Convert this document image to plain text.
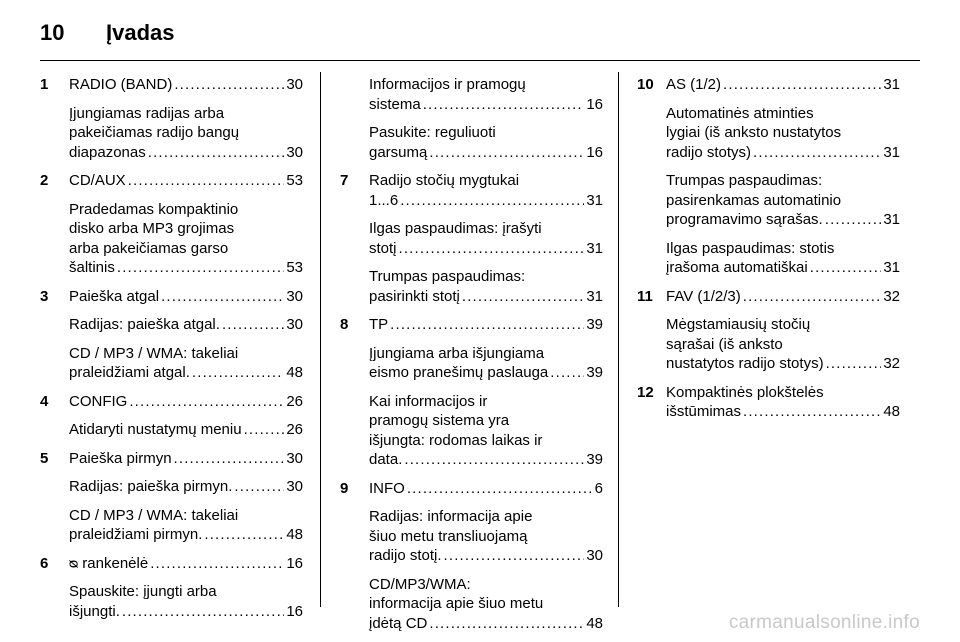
10 Įvadas
1 RADIO (BAND) . . .	30
Įjungiamas radijas arba
pakeičiamas radijo bangų
diapazonas . . .	30
2 CD/AUX . . .	53
Pradedamas kompaktinio
disko arba MP3 grojimas
arba pakeičiamas garso
šaltinis . . .	53
3 Paieška atgal . . .	30
Radijas: paieška atgal. . . .	30
CD / MP3 / WMA: takeliai
praleidžiami atgal. . . .	48
4 CONFIG . . .	26
Atidaryti nustatymų meniu . . .	26
5 Paieška pirmyn . . .	30
Radijas: paieška pirmyn. . . .	30
CD / MP3 / WMA: takeliai
praleidžiami pirmyn. . . .	48
6 ᴓ rankenėlė . . .	16
Spauskite: įjungti arba
išjungti. . . .	16
Informacijos ir pramogų
sistema . . .	16
Pasukite: reguliuoti
garsumą . . .	16
7 Radijo stočių mygtukai
1...6 . . .	31
Ilgas paspaudimas: įrašyti
stotį . . .	31
Trumpas paspaudimas:
pasirinkti stotį . . .	31
8 TP . . .	39
Įjungiama arba išjungiama
eismo pranešimų paslauga . . .	39
Kai informacijos ir
pramogų sistema yra
išjungta: rodomas laikas ir
data. . . .	39
9 INFO . . .	6
Radijas: informacija apie
šiuo metu transliuojamą
radijo stotį. . . .	30
CD/MP3/WMA:
informacija apie šiuo metu
įdėtą CD . . .	48
10 AS (1/2) . . .	31
Automatinės atminties
lygiai (iš anksto nustatytos
radijo stotys) . . .	31
Trumpas paspaudimas:
pasirenkamas automatinio
programavimo sąrašas. . . .	31
Ilgas paspaudimas: stotis
įrašoma automatiškai . . .	31
11 FAV (1/2/3) . . .	32
Mėgstamiausių stočių
sąrašai (iš anksto
nustatytos radijo stotys) . . .	32
12 Kompaktinės plokštelės
išstūmimas . . .	48
carmanualsonline.info
